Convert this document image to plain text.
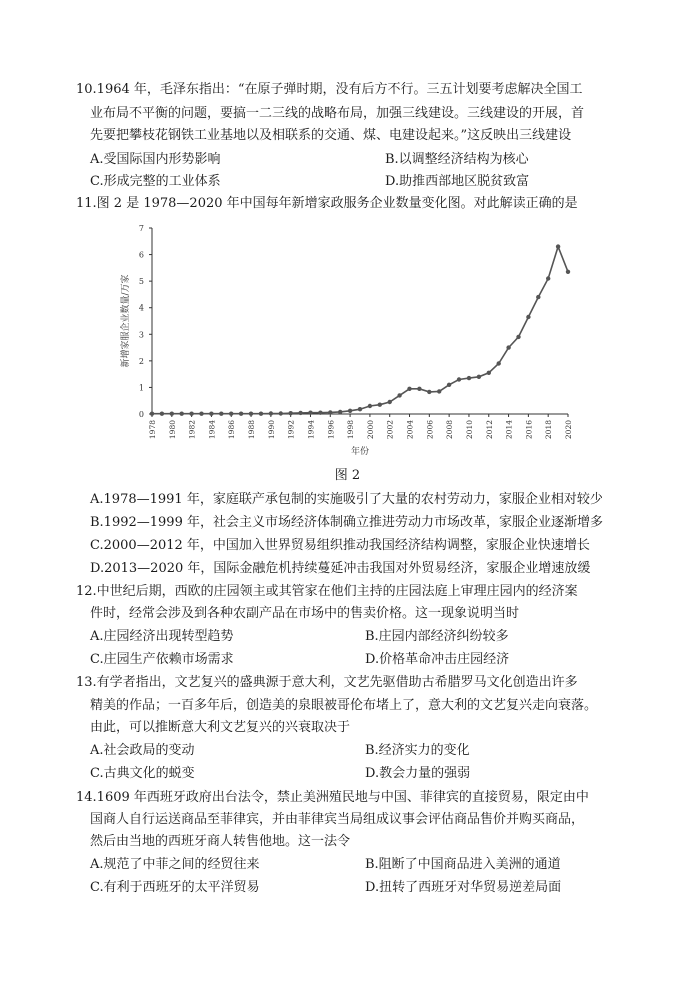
10.1964 年，毛泽东指出：“在原子弹时期，没有后方不行。三五计划要考虑解决全国工
业布局不平衡的问题，要搞一二三线的战略布局，加强三线建设。三线建设的开展，首
先要把攀枝花钢铁工业基地以及相联系的交通、煤、电建设起来。”这反映出三线建设
A.受国际国内形势影响	B.以调整经济结构为核心
C.形成完整的工业体系	D.助推西部地区脱贫致富
11.图 2 是 1978—2020 年中国每年新增家政服务企业数量变化图。对此解读正确的是
0
1
2
3
4
5
6
7
1978 1980 1982 1984 1986 1988 1990 1992 1994 1996 1998 2000 2002 2004 2006 2008 2010 2012 2014 2016 2018 2020
新增家服企业数量/万家
年份
图 2
A.1978—1991 年，家庭联产承包制的实施吸引了大量的农村劳动力，家服企业相对较少
B.1992—1999 年，社会主义市场经济体制确立推进劳动力市场改革，家服企业逐渐增多
C.2000—2012 年，中国加入世界贸易组织推动我国经济结构调整，家服企业快速增长
D.2013—2020 年，国际金融危机持续蔓延冲击我国对外贸易经济，家服企业增速放缓
12.中世纪后期，西欧的庄园领主或其管家在他们主持的庄园法庭上审理庄园内的经济案
件时，经常会涉及到各种农副产品在市场中的售卖价格。这一现象说明当时
A.庄园经济出现转型趋势	B.庄园内部经济纠纷较多
C.庄园生产依赖市场需求	D.价格革命冲击庄园经济
13.有学者指出，文艺复兴的盛典源于意大利，文艺先驱借助古希腊罗马文化创造出许多
精美的作品；一百多年后，创造美的泉眼被哥伦布堵上了，意大利的文艺复兴走向衰落。
由此，可以推断意大利文艺复兴的兴衰取决于
A.社会政局的变动	B.经济实力的变化
C.古典文化的蜕变	D.教会力量的强弱
14.1609 年西班牙政府出台法令，禁止美洲殖民地与中国、菲律宾的直接贸易，限定由中
国商人自行运送商品至菲律宾，并由菲律宾当局组成议事会评估商品售价并购买商品，
然后由当地的西班牙商人转售他地。这一法令
A.规范了中菲之间的经贸往来	B.阻断了中国商品进入美洲的通道
C.有利于西班牙的太平洋贸易	D.扭转了西班牙对华贸易逆差局面
